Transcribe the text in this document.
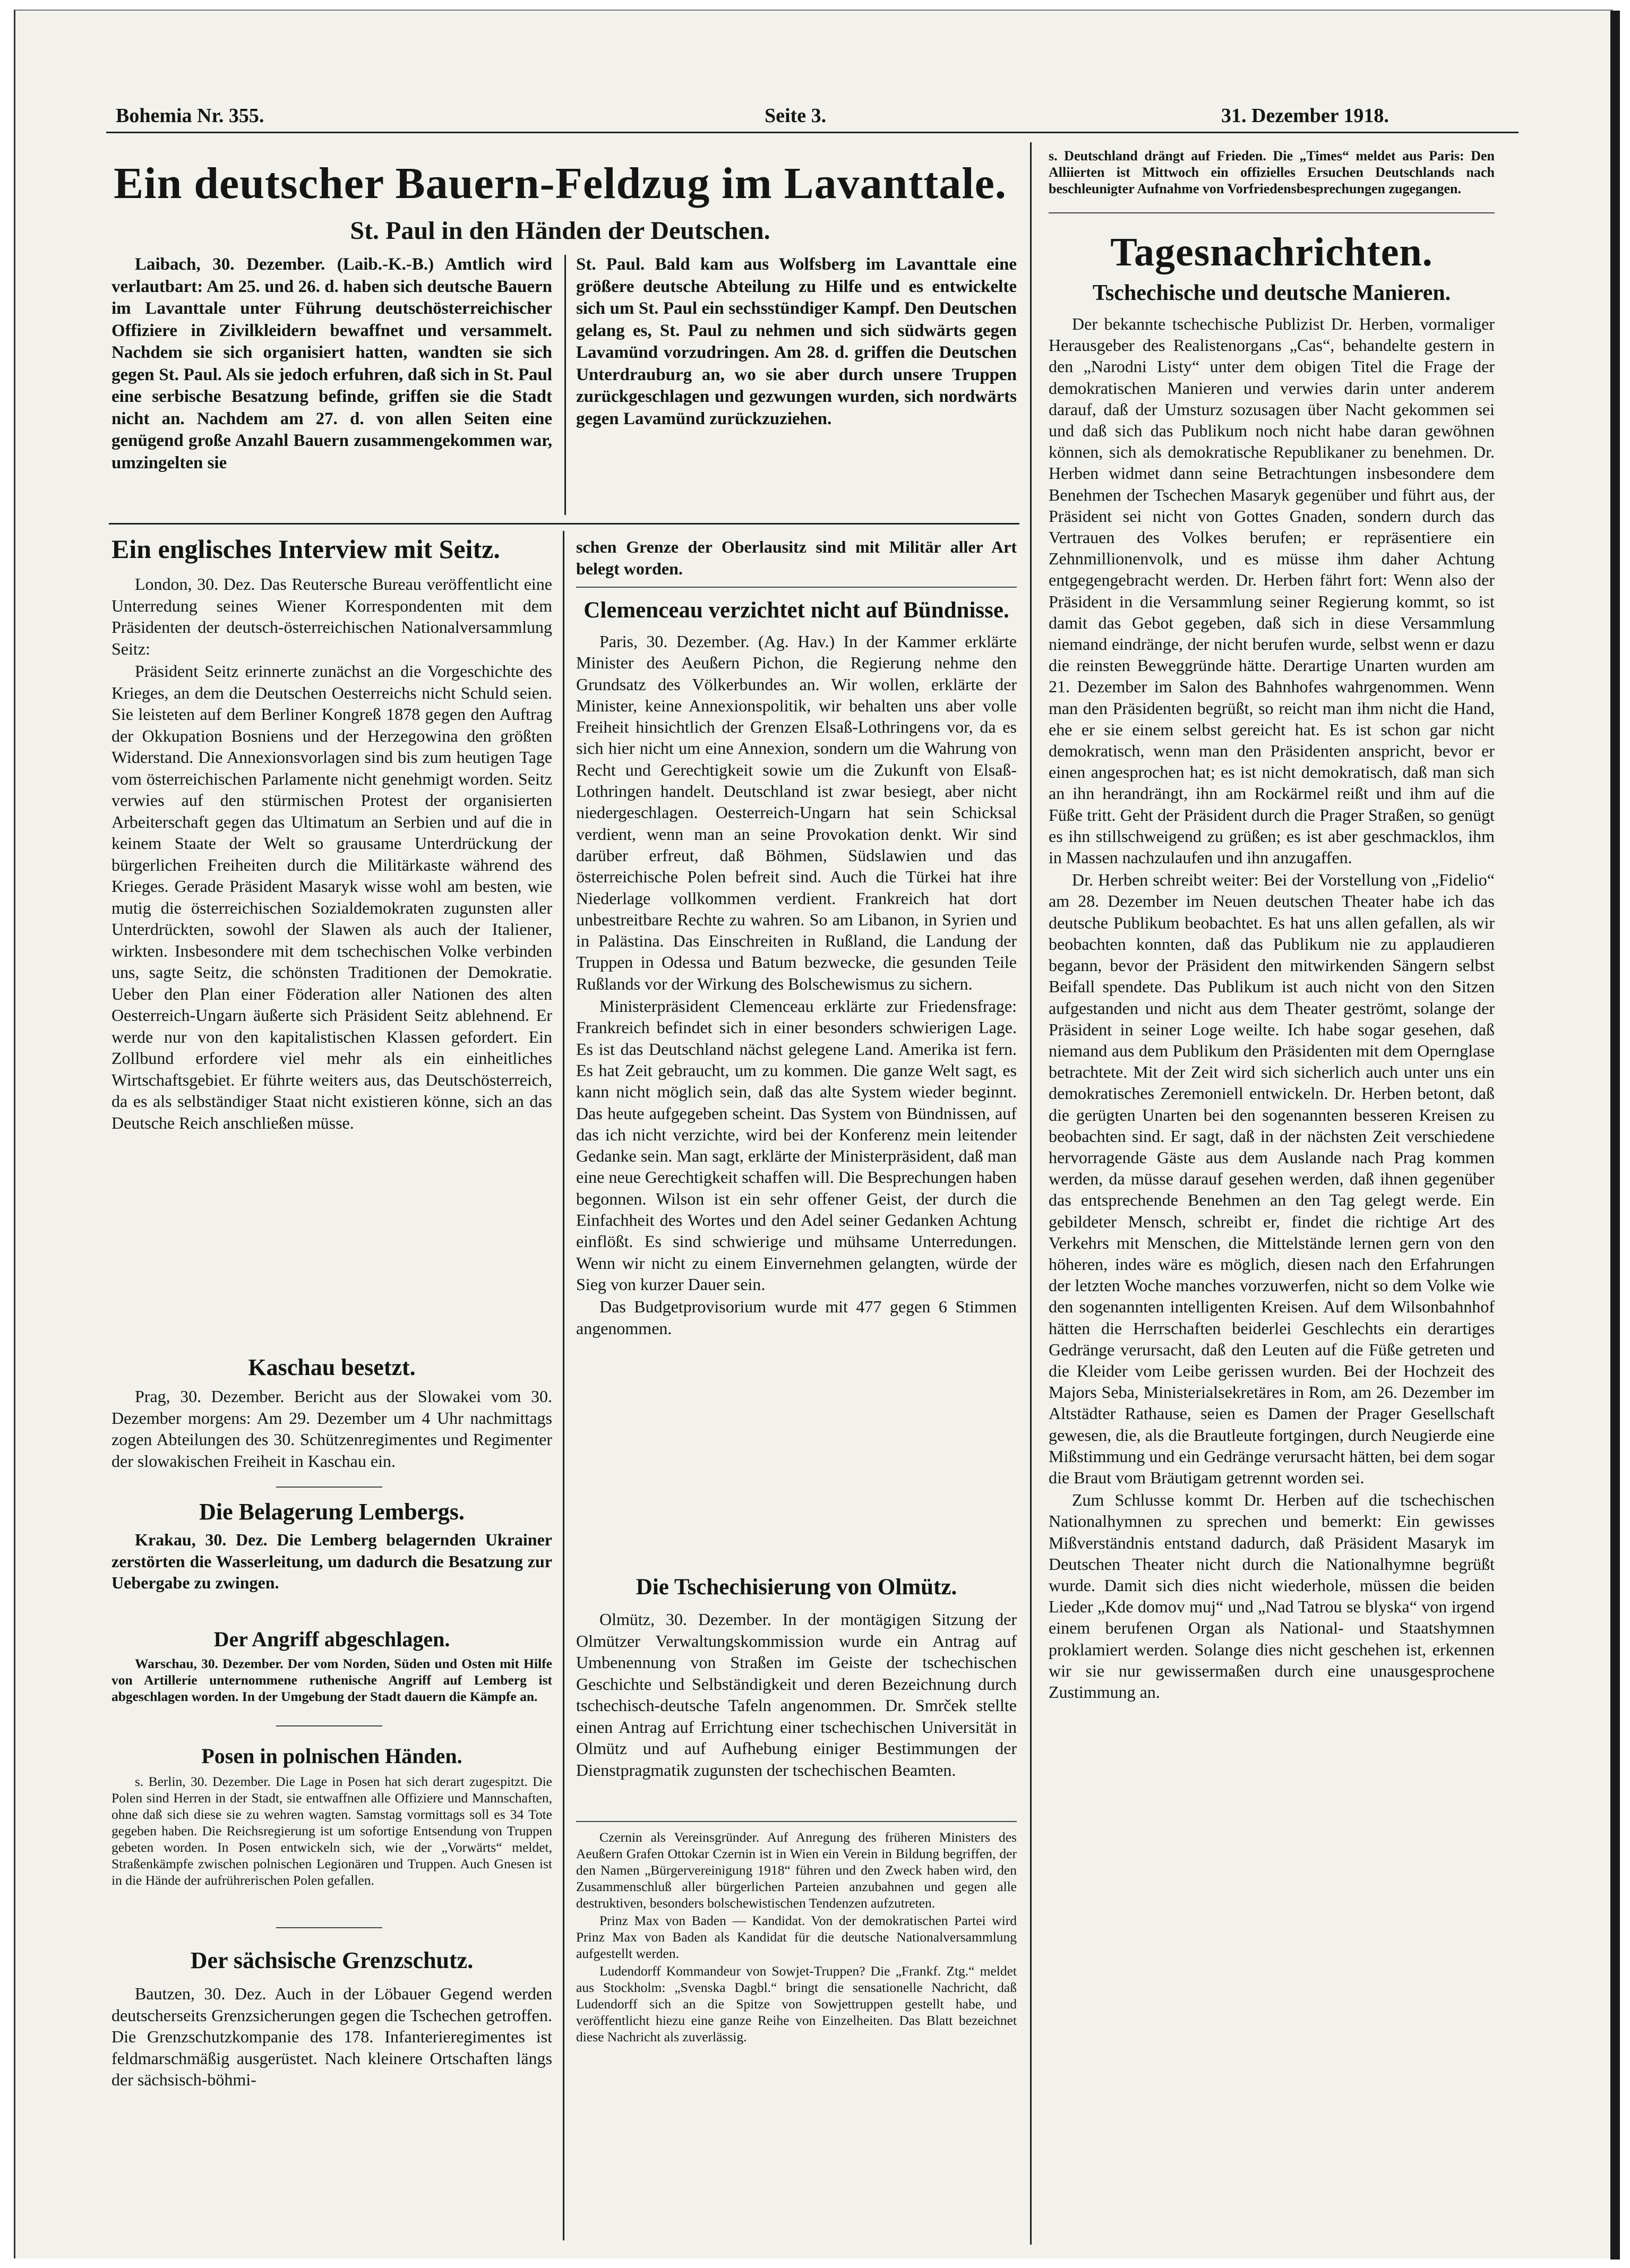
Bohemia Nr. 355.	Seite 3.	31. Dezember 1918.
Ein deutscher Bauern-Feldzug im Lavanttale.
St. Paul in den Händen der Deutschen.

Laibach, 30. Dezember. (Laib.-K.-B.) Amtlich wird verlautbart: Am 25. und 26. d. haben sich deutsche Bauern im Lavanttale unter Führung deutschösterreichischer Offiziere in Zivilkleidern bewaffnet und versammelt. Nachdem sie sich organisiert hatten, wandten sie sich gegen St. Paul. Als sie jedoch erfuhren, daß sich in St. Paul eine serbische Besatzung befinde, griffen sie die Stadt nicht an. Nachdem am 27. d. von allen Seiten eine genügend große Anzahl Bauern zusammengekommen war, umzingelten sie

St. Paul. Bald kam aus Wolfsberg im Lavanttale eine größere deutsche Abteilung zu Hilfe und es entwickelte sich um St. Paul ein sechsstündiger Kampf. Den Deutschen gelang es, St. Paul zu nehmen und sich südwärts gegen Lavamünd vorzudringen. Am 28. d. griffen die Deutschen Unterdrauburg an, wo sie aber durch unsere Truppen zurückgeschlagen und gezwungen wurden, sich nordwärts gegen Lavamünd zurückzuziehen.

s. Deutschland drängt auf Frieden. Die „Times“ meldet aus Paris: Den Alliierten ist Mittwoch ein offizielles Ersuchen Deutschlands nach beschleunigter Aufnahme von Vorfriedensbesprechungen zugegangen.
Tagesnachrichten.
Tschechische und deutsche Manieren.

Der bekannte tschechische Publizist Dr. Herben, vormaliger Herausgeber des Realistenorgans „Cas“, behandelte gestern in den „Narodni Listy“ unter dem obigen Titel die Frage der demokratischen Manieren und verwies darin unter anderem darauf, daß der Umsturz sozusagen über Nacht gekommen sei und daß sich das Publikum noch nicht habe daran gewöhnen können, sich als demokratische Republikaner zu benehmen. Dr. Herben widmet dann seine Betrachtungen insbesondere dem Benehmen der Tschechen Masaryk gegenüber und führt aus, der Präsident sei nicht von Gottes Gnaden, sondern durch das Vertrauen des Volkes berufen; er repräsentiere ein Zehnmillionenvolk, und es müsse ihm daher Achtung entgegengebracht werden. Dr. Herben fährt fort: Wenn also der Präsident in die Versammlung seiner Regierung kommt, so ist damit das Gebot gegeben, daß sich in diese Versammlung niemand eindränge, der nicht berufen wurde, selbst wenn er dazu die reinsten Beweggründe hätte. Derartige Unarten wurden am 21. Dezember im Salon des Bahnhofes wahrgenommen. Wenn man den Präsidenten begrüßt, so reicht man ihm nicht die Hand, ehe er sie einem selbst gereicht hat. Es ist schon gar nicht demokratisch, wenn man den Präsidenten anspricht, bevor er einen angesprochen hat; es ist nicht demokratisch, daß man sich an ihn herandrängt, ihn am Rockärmel reißt und ihm auf die Füße tritt. Geht der Präsident durch die Prager Straßen, so genügt es ihn stillschweigend zu grüßen; es ist aber geschmacklos, ihm in Massen nachzulaufen und ihn anzugaffen.

Dr. Herben schreibt weiter: Bei der Vorstellung von „Fidelio“ am 28. Dezember im Neuen deutschen Theater habe ich das deutsche Publikum beobachtet. Es hat uns allen gefallen, als wir beobachten konnten, daß das Publikum nie zu applaudieren begann, bevor der Präsident den mitwirkenden Sängern selbst Beifall spendete. Das Publikum ist auch nicht von den Sitzen aufgestanden und nicht aus dem Theater geströmt, solange der Präsident in seiner Loge weilte. Ich habe sogar gesehen, daß niemand aus dem Publikum den Präsidenten mit dem Opernglase betrachtete. Mit der Zeit wird sich sicherlich auch unter uns ein demokratisches Zeremoniell entwickeln. Dr. Herben betont, daß die gerügten Unarten bei den sogenannten besseren Kreisen zu beobachten sind. Er sagt, daß in der nächsten Zeit verschiedene hervorragende Gäste aus dem Auslande nach Prag kommen werden, da müsse darauf gesehen werden, daß ihnen gegenüber das entsprechende Benehmen an den Tag gelegt werde. Ein gebildeter Mensch, schreibt er, findet die richtige Art des Verkehrs mit Menschen, die Mittelstände lernen gern von den höheren, indes wäre es möglich, diesen nach den Erfahrungen der letzten Woche manches vorzuwerfen, nicht so dem Volke wie den sogenannten intelligenten Kreisen. Auf dem Wilsonbahnhof hätten die Herrschaften beiderlei Geschlechts ein derartiges Gedränge verursacht, daß den Leuten auf die Füße getreten und die Kleider vom Leibe gerissen wurden. Bei der Hochzeit des Majors Seba, Ministerialsekretäres in Rom, am 26. Dezember im Altstädter Rathause, seien es Damen der Prager Gesellschaft gewesen, die, als die Brautleute fortgingen, durch Neugierde eine Mißstimmung und ein Gedränge verursacht hätten, bei dem sogar die Braut vom Bräutigam getrennt worden sei.

Zum Schlusse kommt Dr. Herben auf die tschechischen Nationalhymnen zu sprechen und bemerkt: Ein gewisses Mißverständnis entstand dadurch, daß Präsident Masaryk im Deutschen Theater nicht durch die Nationalhymne begrüßt wurde. Damit sich dies nicht wiederhole, müssen die beiden Lieder „Kde domov muj“ und „Nad Tatrou se blyska“ von irgend einem berufenen Organ als National- und Staatshymnen proklamiert werden. Solange dies nicht geschehen ist, erkennen wir sie nur gewissermaßen durch eine unausgesprochene Zustimmung an.

Ein englisches Interview mit Seitz.

London, 30. Dez. Das Reutersche Bureau veröffentlicht eine Unterredung seines Wiener Korrespondenten mit dem Präsidenten der deutsch-österreichischen Nationalversammlung Seitz:

Präsident Seitz erinnerte zunächst an die Vorgeschichte des Krieges, an dem die Deutschen Oesterreichs nicht Schuld seien. Sie leisteten auf dem Berliner Kongreß 1878 gegen den Auftrag der Okkupation Bosniens und der Herzegowina den größten Widerstand. Die Annexionsvorlagen sind bis zum heutigen Tage vom österreichischen Parlamente nicht genehmigt worden. Seitz verwies auf den stürmischen Protest der organisierten Arbeiterschaft gegen das Ultimatum an Serbien und auf die in keinem Staate der Welt so grausame Unterdrückung der bürgerlichen Freiheiten durch die Militärkaste während des Krieges. Gerade Präsident Masaryk wisse wohl am besten, wie mutig die österreichischen Sozialdemokraten zugunsten aller Unterdrückten, sowohl der Slawen als auch der Italiener, wirkten. Insbesondere mit dem tschechischen Volke verbinden uns, sagte Seitz, die schönsten Traditionen der Demokratie. Ueber den Plan einer Föderation aller Nationen des alten Oesterreich-Ungarn äußerte sich Präsident Seitz ablehnend. Er werde nur von den kapitalistischen Klassen gefordert. Ein Zollbund erfordere viel mehr als ein einheitliches Wirtschaftsgebiet. Er führte weiters aus, das Deutschösterreich, da es als selbständiger Staat nicht existieren könne, sich an das Deutsche Reich anschließen müsse.

Kaschau besetzt.

Prag, 30. Dezember. Bericht aus der Slowakei vom 30. Dezember morgens: Am 29. Dezember um 4 Uhr nachmittags zogen Abteilungen des 30. Schützenregimentes und Regimenter der slowakischen Freiheit in Kaschau ein.

Die Belagerung Lembergs.

Krakau, 30. Dez. Die Lemberg belagernden Ukrainer zerstörten die Wasserleitung, um dadurch die Besatzung zur Uebergabe zu zwingen.

Der Angriff abgeschlagen.

Warschau, 30. Dezember. Der vom Norden, Süden und Osten mit Hilfe von Artillerie unternommene ruthenische Angriff auf Lemberg ist abgeschlagen worden. In der Umgebung der Stadt dauern die Kämpfe an.

Posen in polnischen Händen.

s. Berlin, 30. Dezember. Die Lage in Posen hat sich derart zugespitzt. Die Polen sind Herren in der Stadt, sie entwaffnen alle Offiziere und Mannschaften, ohne daß sich diese sie zu wehren wagten. Samstag vormittags soll es 34 Tote gegeben haben. Die Reichsregierung ist um sofortige Entsendung von Truppen gebeten worden. In Posen entwickeln sich, wie der „Vorwärts“ meldet, Straßenkämpfe zwischen polnischen Legionären und Truppen. Auch Gnesen ist in die Hände der aufrührerischen Polen gefallen.

Der sächsische Grenzschutz.

Bautzen, 30. Dez. Auch in der Löbauer Gegend werden deutscherseits Grenzsicherungen gegen die Tschechen getroffen. Die Grenzschutzkompanie des 178. Infanterieregimentes ist feldmarschmäßig ausgerüstet. Nach kleinere Ortschaften längs der sächsisch-böhmi-

schen Grenze der Oberlausitz sind mit Militär aller Art belegt worden.

Clemenceau verzichtet nicht auf Bündnisse.

Paris, 30. Dezember. (Ag. Hav.) In der Kammer erklärte Minister des Aeußern Pichon, die Regierung nehme den Grundsatz des Völkerbundes an. Wir wollen, erklärte der Minister, keine Annexionspolitik, wir behalten uns aber volle Freiheit hinsichtlich der Grenzen Elsaß-Lothringens vor, da es sich hier nicht um eine Annexion, sondern um die Wahrung von Recht und Gerechtigkeit sowie um die Zukunft von Elsaß-Lothringen handelt. Deutschland ist zwar besiegt, aber nicht niedergeschlagen. Oesterreich-Ungarn hat sein Schicksal verdient, wenn man an seine Provokation denkt. Wir sind darüber erfreut, daß Böhmen, Südslawien und das österreichische Polen befreit sind. Auch die Türkei hat ihre Niederlage vollkommen verdient. Frankreich hat dort unbestreitbare Rechte zu wahren. So am Libanon, in Syrien und in Palästina. Das Einschreiten in Rußland, die Landung der Truppen in Odessa und Batum bezwecke, die gesunden Teile Rußlands vor der Wirkung des Bolschewismus zu sichern.

Ministerpräsident Clemenceau erklärte zur Friedensfrage: Frankreich befindet sich in einer besonders schwierigen Lage. Es ist das Deutschland nächst gelegene Land. Amerika ist fern. Es hat Zeit gebraucht, um zu kommen. Die ganze Welt sagt, es kann nicht möglich sein, daß das alte System wieder beginnt. Das heute aufgegeben scheint. Das System von Bündnissen, auf das ich nicht verzichte, wird bei der Konferenz mein leitender Gedanke sein. Man sagt, erklärte der Ministerpräsident, daß man eine neue Gerechtigkeit schaffen will. Die Besprechungen haben begonnen. Wilson ist ein sehr offener Geist, der durch die Einfachheit des Wortes und den Adel seiner Gedanken Achtung einflößt. Es sind schwierige und mühsame Unterredungen. Wenn wir nicht zu einem Einvernehmen gelangten, würde der Sieg von kurzer Dauer sein.

Das Budgetprovisorium wurde mit 477 gegen 6 Stimmen angenommen.

Die Tschechisierung von Olmütz.

Olmütz, 30. Dezember. In der montägigen Sitzung der Olmützer Verwaltungskommission wurde ein Antrag auf Umbenennung von Straßen im Geiste der tschechischen Geschichte und Selbständigkeit und deren Bezeichnung durch tschechisch-deutsche Tafeln angenommen. Dr. Smrček stellte einen Antrag auf Errichtung einer tschechischen Universität in Olmütz und auf Aufhebung einiger Bestimmungen der Dienstpragmatik zugunsten der tschechischen Beamten.

Czernin als Vereinsgründer. Auf Anregung des früheren Ministers des Aeußern Grafen Ottokar Czernin ist in Wien ein Verein in Bildung begriffen, der den Namen „Bürgervereinigung 1918“ führen und den Zweck haben wird, den Zusammenschluß aller bürgerlichen Parteien anzubahnen und gegen alle destruktiven, besonders bolschewistischen Tendenzen aufzutreten.

Prinz Max von Baden — Kandidat. Von der demokratischen Partei wird Prinz Max von Baden als Kandidat für die deutsche Nationalversammlung aufgestellt werden.

Ludendorff Kommandeur von Sowjet-Truppen? Die „Frankf. Ztg.“ meldet aus Stockholm: „Svenska Dagbl.“ bringt die sensationelle Nachricht, daß Ludendorff sich an die Spitze von Sowjettruppen gestellt habe, und veröffentlicht hiezu eine ganze Reihe von Einzelheiten. Das Blatt bezeichnet diese Nachricht als zuverlässig.
